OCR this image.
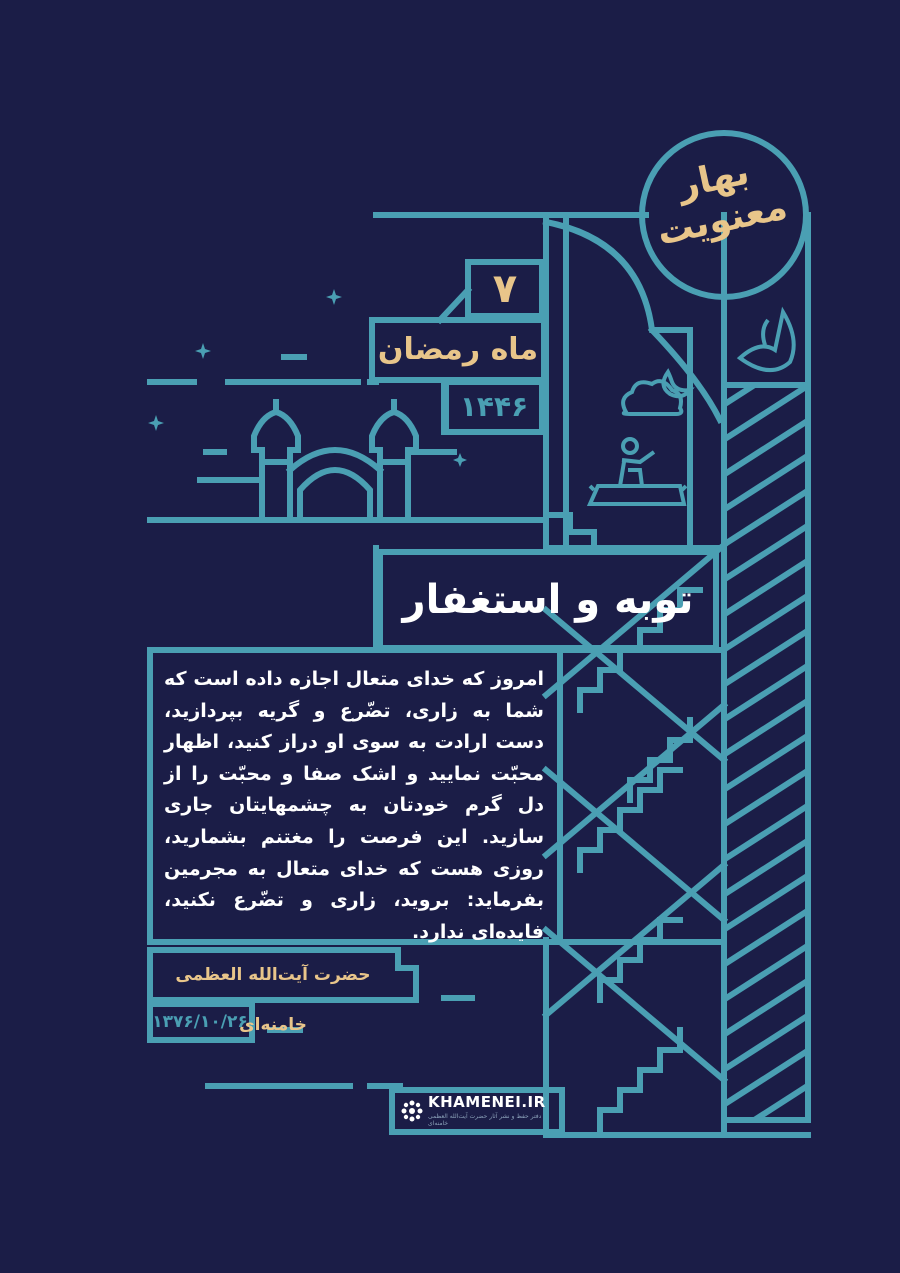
بهار معنویت
۷
ماه رمضان
۱۴۴۶
توبه و استغفار
امروز که خدای متعال اجازه داده است که شما به زاری، تضّرع و گریه بپردازید، دست ارادت به سوی او دراز کنید، اظهار محبّت نمایید و اشک صفا و محبّت را از دل گرم خودتان به چشمهایتان جاری سازید. این فرصت را مغتنم بشمارید، روزی هست که خدای متعال به مجرمین بفرماید: بروید، زاری و تضّرع نکنید، فایده‌ای ندارد.
حضرت آیت‌الله العظمی خامنه‌ای
۱۳۷۶/۱۰/۲۶
KHAMENEI.IR
دفتر حفظ و نشر آثار حضرت آیت‌الله العظمی خامنه‌ای
